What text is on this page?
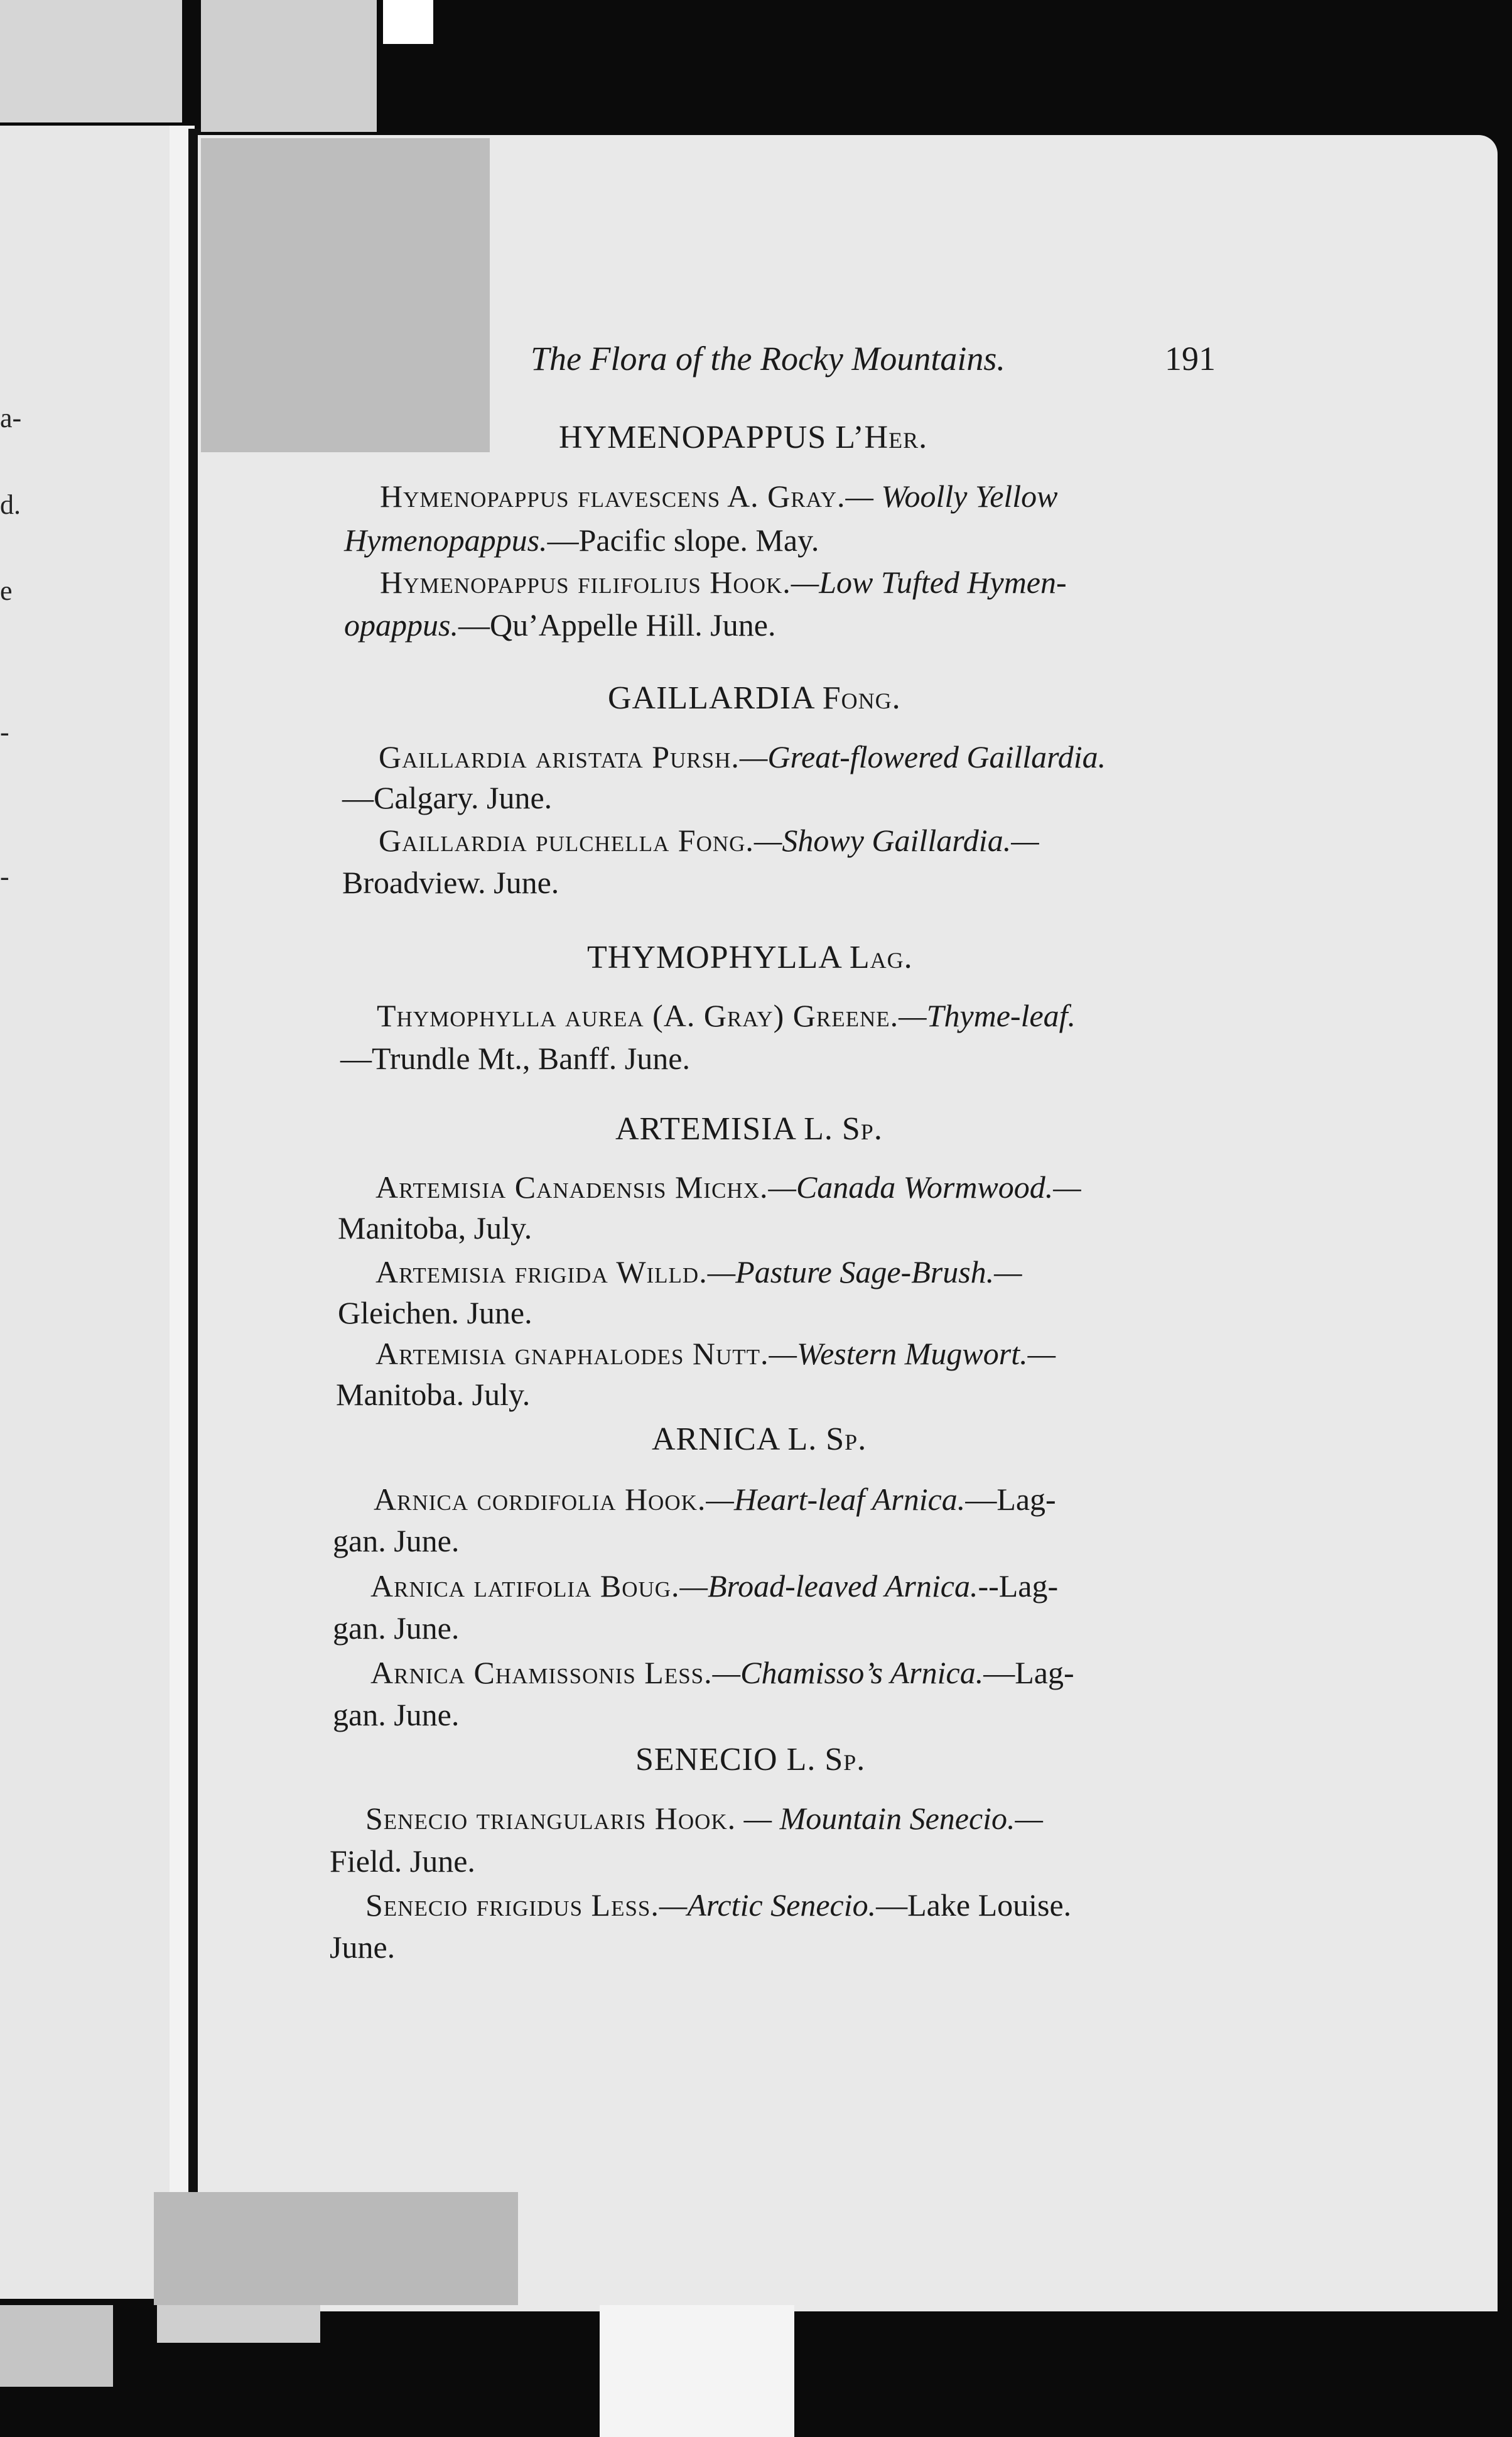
a-
d.
e
-
-
The Flora of the Rocky Mountains.	191
HYMENOPAPPUS L’Her.
Hymenopappus flavescens A. Gray.— Woolly Yellow
Hymenopappus.—Pacific slope. May.
Hymenopappus filifolius Hook.—Low Tufted Hymen-
opappus.—Qu’Appelle Hill. June.
GAILLARDIA Fong.
Gaillardia aristata Pursh.—Great-flowered Gaillardia.
—Calgary. June.
Gaillardia pulchella Fong.—Showy Gaillardia.—
Broadview. June.
THYMOPHYLLA Lag.
Thymophylla aurea (A. Gray) Greene.—Thyme-leaf.
—Trundle Mt., Banff. June.
ARTEMISIA L. Sp.
Artemisia Canadensis Michx.—Canada Wormwood.—
Manitoba, July.
Artemisia frigida Willd.—Pasture Sage-Brush.—
Gleichen. June.
Artemisia gnaphalodes Nutt.—Western Mugwort.—
Manitoba. July.
ARNICA L. Sp.
Arnica cordifolia Hook.—Heart-leaf Arnica.—Lag-
gan. June.
Arnica latifolia Boug.—Broad-leaved Arnica.--Lag-
gan. June.
Arnica Chamissonis Less.—Chamisso’s Arnica.—Lag-
gan. June.
SENECIO L. Sp.
Senecio triangularis Hook. — Mountain Senecio.—
Field. June.
Senecio frigidus Less.—Arctic Senecio.—Lake Louise.
June.
